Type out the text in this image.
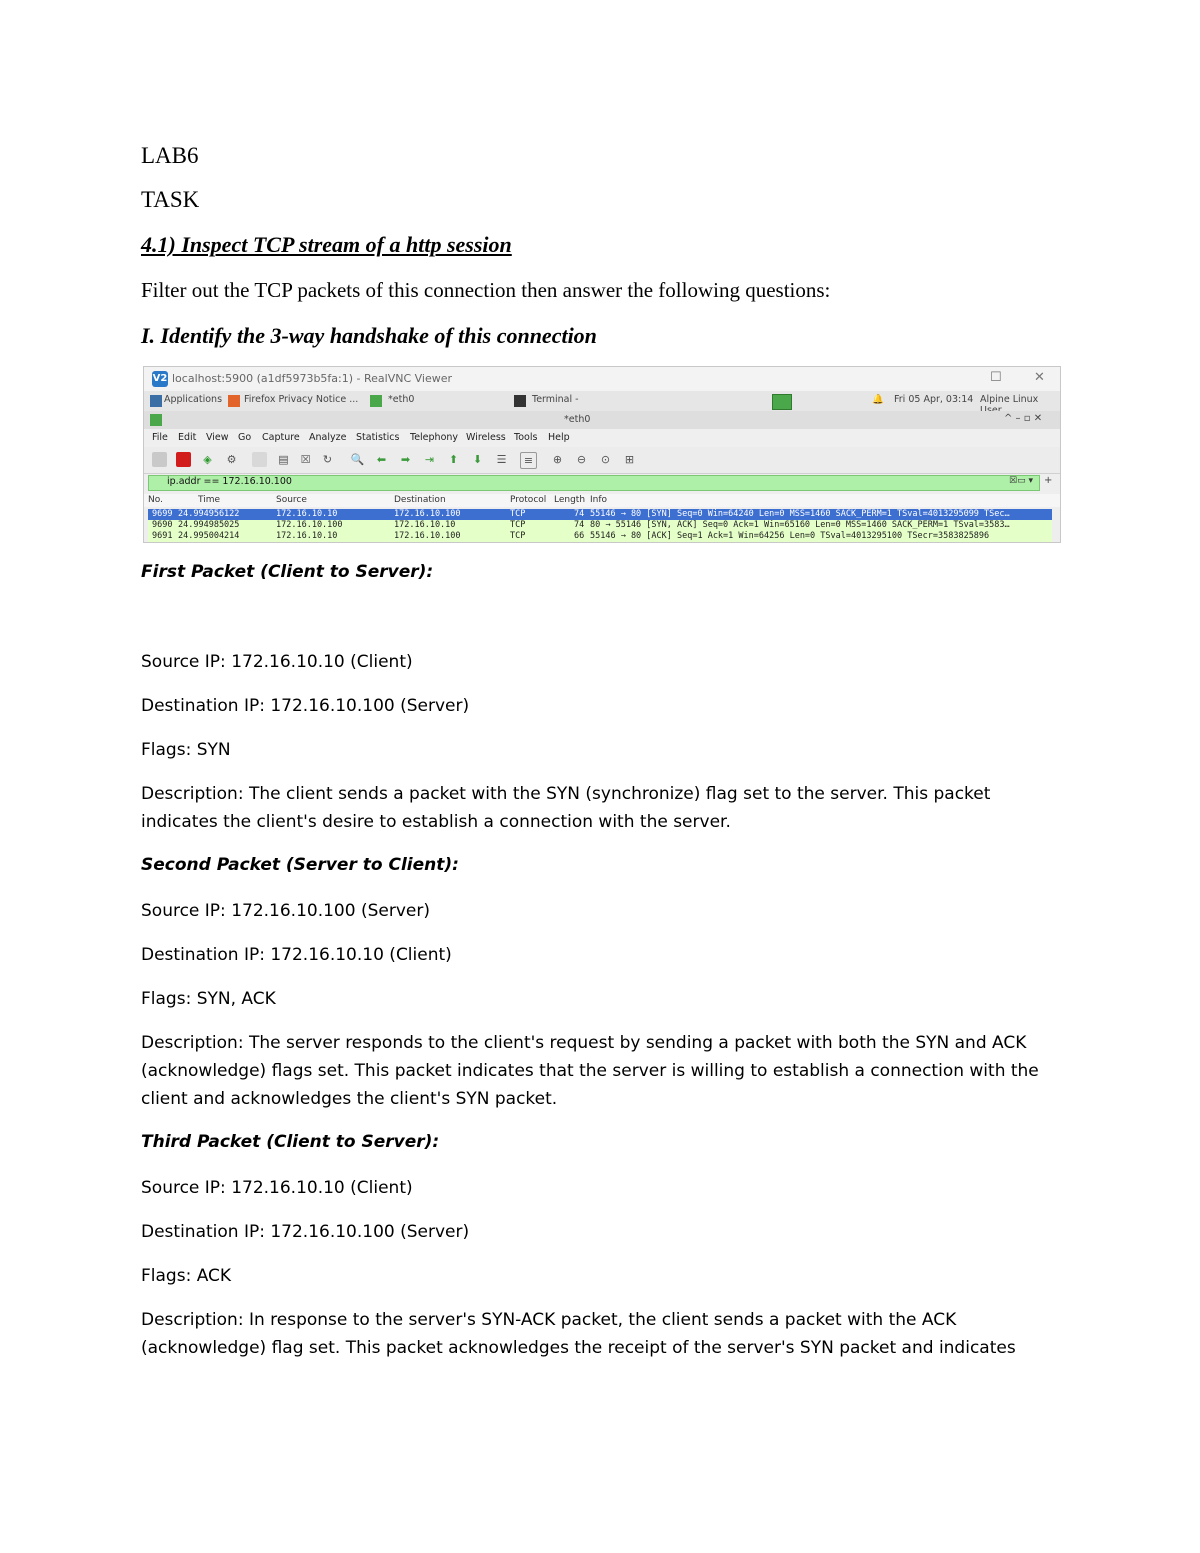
LAB6
TASK
4.1) Inspect TCP stream of a http session
Filter out the TCP packets of this connection then answer the following questions:
I. Identify the 3-way handshake of this connection
V2 localhost:5900 (a1df5973b5fa:1) - RealVNC Viewer	☐ ✕
Applications Firefox Privacy Notice ...	*eth0	Terminal -	🔔 Fri 05 Apr, 03:14 Alpine Linux
*eth0	^ – ▫ ✕
File Edit View Go Capture Analyze Statistics Telephony Wireless Tools Help
◈ ⚙	▤ ☒ ↻ 🔍 ⬅ ➡ ⇥ ⬆ ⬇ ☰	≡	⊕ ⊖ ⊙ ⊞
ip.addr == 172.16.10.100	☒▭ ▾ +
No.	Time	Source	Destination	Protocol Length Info
9699 24.994956122	172.16.10.10	172.16.10.100	TCP	74 55146 → 80 [SYN] Seq=0 Win=64240 Len=0 MSS=1460 SACK_PERM=1 TSval=4013295099 TSec…
9690 24.994985025	172.16.10.100	172.16.10.10	TCP	74 80 → 55146 [SYN, ACK] Seq=0 Ack=1 Win=65160 Len=0 MSS=1460 SACK_PERM=1 TSval=3583…
9691 24.995004214	172.16.10.10	172.16.10.100	TCP	66 55146 → 80 [ACK] Seq=1 Ack=1 Win=64256 Len=0 TSval=4013295100 TSecr=3583825896
First Packet (Client to Server):
Source IP: 172.16.10.10 (Client)
Destination IP: 172.16.10.100 (Server)
Flags: SYN
Description: The client sends a packet with the SYN (synchronize) flag set to the server. This packet indicates the client's desire to establish a connection with the server.
Second Packet (Server to Client):
Source IP: 172.16.10.100 (Server)
Destination IP: 172.16.10.10 (Client)
Flags: SYN, ACK
Description: The server responds to the client's request by sending a packet with both the SYN and ACK (acknowledge) flags set. This packet indicates that the server is willing to establish a connection with the client and acknowledges the client's SYN packet.
Third Packet (Client to Server):
Source IP: 172.16.10.10 (Client)
Destination IP: 172.16.10.100 (Server)
Flags: ACK
Description: In response to the server's SYN-ACK packet, the client sends a packet with the ACK (acknowledge) flag set. This packet acknowledges the receipt of the server's SYN packet and indicates
